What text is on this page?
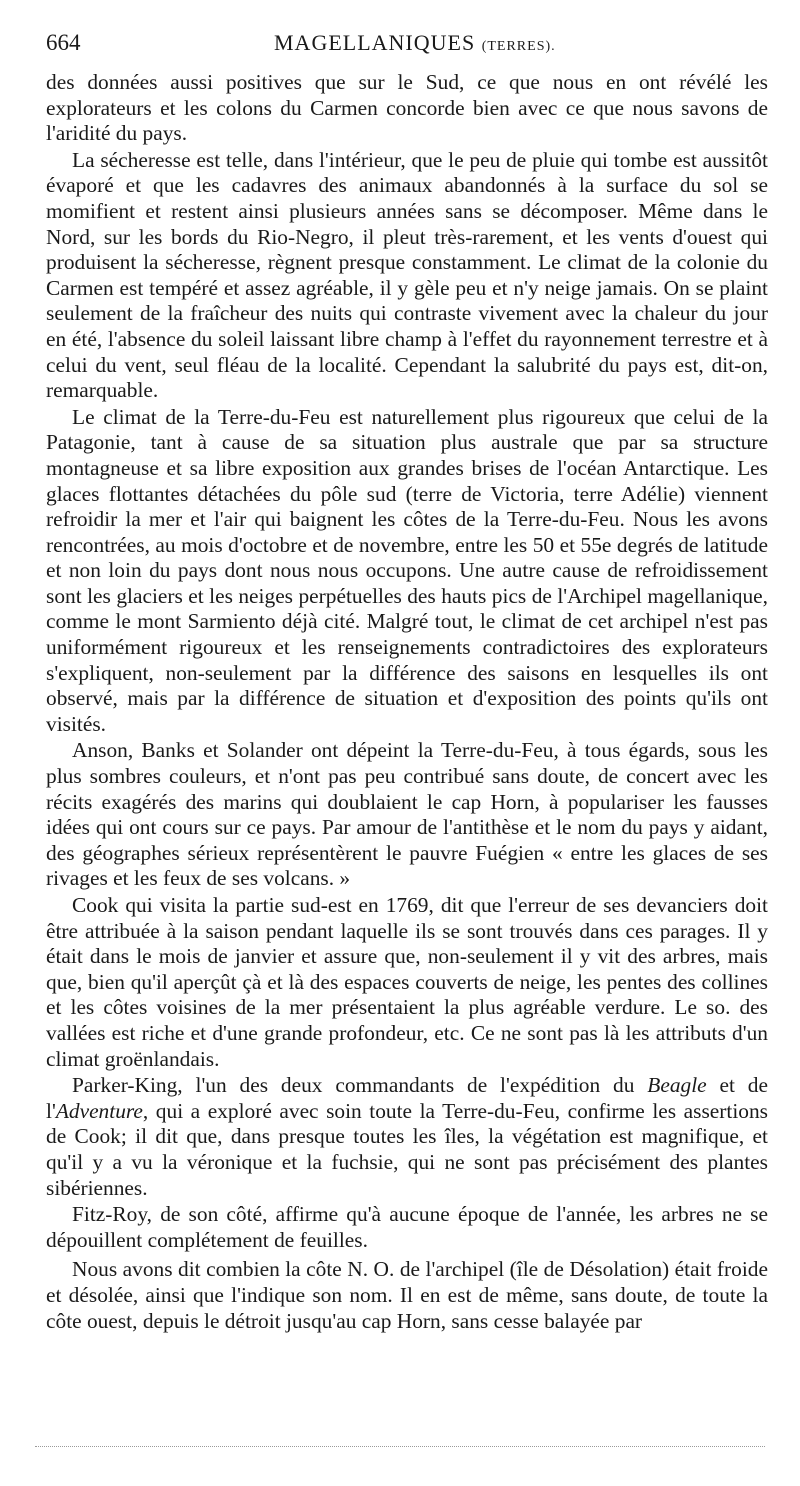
664	MAGELLANIQUES (TERRES).

des données aussi positives que sur le Sud, ce que nous en ont révélé les explorateurs et les colons du Carmen concorde bien avec ce que nous savons de l'aridité du pays.

La sécheresse est telle, dans l'intérieur, que le peu de pluie qui tombe est aussitôt évaporé et que les cadavres des animaux abandonnés à la surface du sol se momifient et restent ainsi plusieurs années sans se décomposer. Même dans le Nord, sur les bords du Rio-Negro, il pleut très-rarement, et les vents d'ouest qui produisent la sécheresse, règnent presque constamment. Le climat de la colonie du Carmen est tempéré et assez agréable, il y gèle peu et n'y neige jamais. On se plaint seulement de la fraîcheur des nuits qui contraste vivement avec la chaleur du jour en été, l'absence du soleil laissant libre champ à l'effet du rayonnement terrestre et à celui du vent, seul fléau de la localité. Cependant la salubrité du pays est, dit-on, remarquable.

Le climat de la Terre-du-Feu est naturellement plus rigoureux que celui de la Patagonie, tant à cause de sa situation plus australe que par sa structure montagneuse et sa libre exposition aux grandes brises de l'océan Antarctique. Les glaces flottantes détachées du pôle sud (terre de Victoria, terre Adélie) viennent refroidir la mer et l'air qui baignent les côtes de la Terre-du-Feu. Nous les avons rencontrées, au mois d'octobre et de novembre, entre les 50 et 55e degrés de latitude et non loin du pays dont nous nous occupons. Une autre cause de refroidissement sont les glaciers et les neiges perpétuelles des hauts pics de l'Archipel magellanique, comme le mont Sarmiento déjà cité. Malgré tout, le climat de cet archipel n'est pas uniformément rigoureux et les renseignements contradictoires des explorateurs s'expliquent, non-seulement par la différence des saisons en lesquelles ils ont observé, mais par la différence de situation et d'exposition des points qu'ils ont visités.

Anson, Banks et Solander ont dépeint la Terre-du-Feu, à tous égards, sous les plus sombres couleurs, et n'ont pas peu contribué sans doute, de concert avec les récits exagérés des marins qui doublaient le cap Horn, à populariser les fausses idées qui ont cours sur ce pays. Par amour de l'antithèse et le nom du pays y aidant, des géographes sérieux représentèrent le pauvre Fuégien « entre les glaces de ses rivages et les feux de ses volcans. »

Cook qui visita la partie sud-est en 1769, dit que l'erreur de ses devanciers doit être attribuée à la saison pendant laquelle ils se sont trouvés dans ces parages. Il y était dans le mois de janvier et assure que, non-seulement il y vit des arbres, mais que, bien qu'il aperçût çà et là des espaces couverts de neige, les pentes des collines et les côtes voisines de la mer présentaient la plus agréable verdure. Le so. des vallées est riche et d'une grande profondeur, etc. Ce ne sont pas là les attributs d'un climat groënlandais.

Parker-King, l'un des deux commandants de l'expédition du Beagle et de l'Adventure, qui a exploré avec soin toute la Terre-du-Feu, confirme les assertions de Cook; il dit que, dans presque toutes les îles, la végétation est magnifique, et qu'il y a vu la véronique et la fuchsie, qui ne sont pas précisément des plantes sibériennes.

Fitz-Roy, de son côté, affirme qu'à aucune époque de l'année, les arbres ne se dépouillent complétement de feuilles.

Nous avons dit combien la côte N. O. de l'archipel (île de Désolation) était froide et désolée, ainsi que l'indique son nom. Il en est de même, sans doute, de toute la côte ouest, depuis le détroit jusqu'au cap Horn, sans cesse balayée par
